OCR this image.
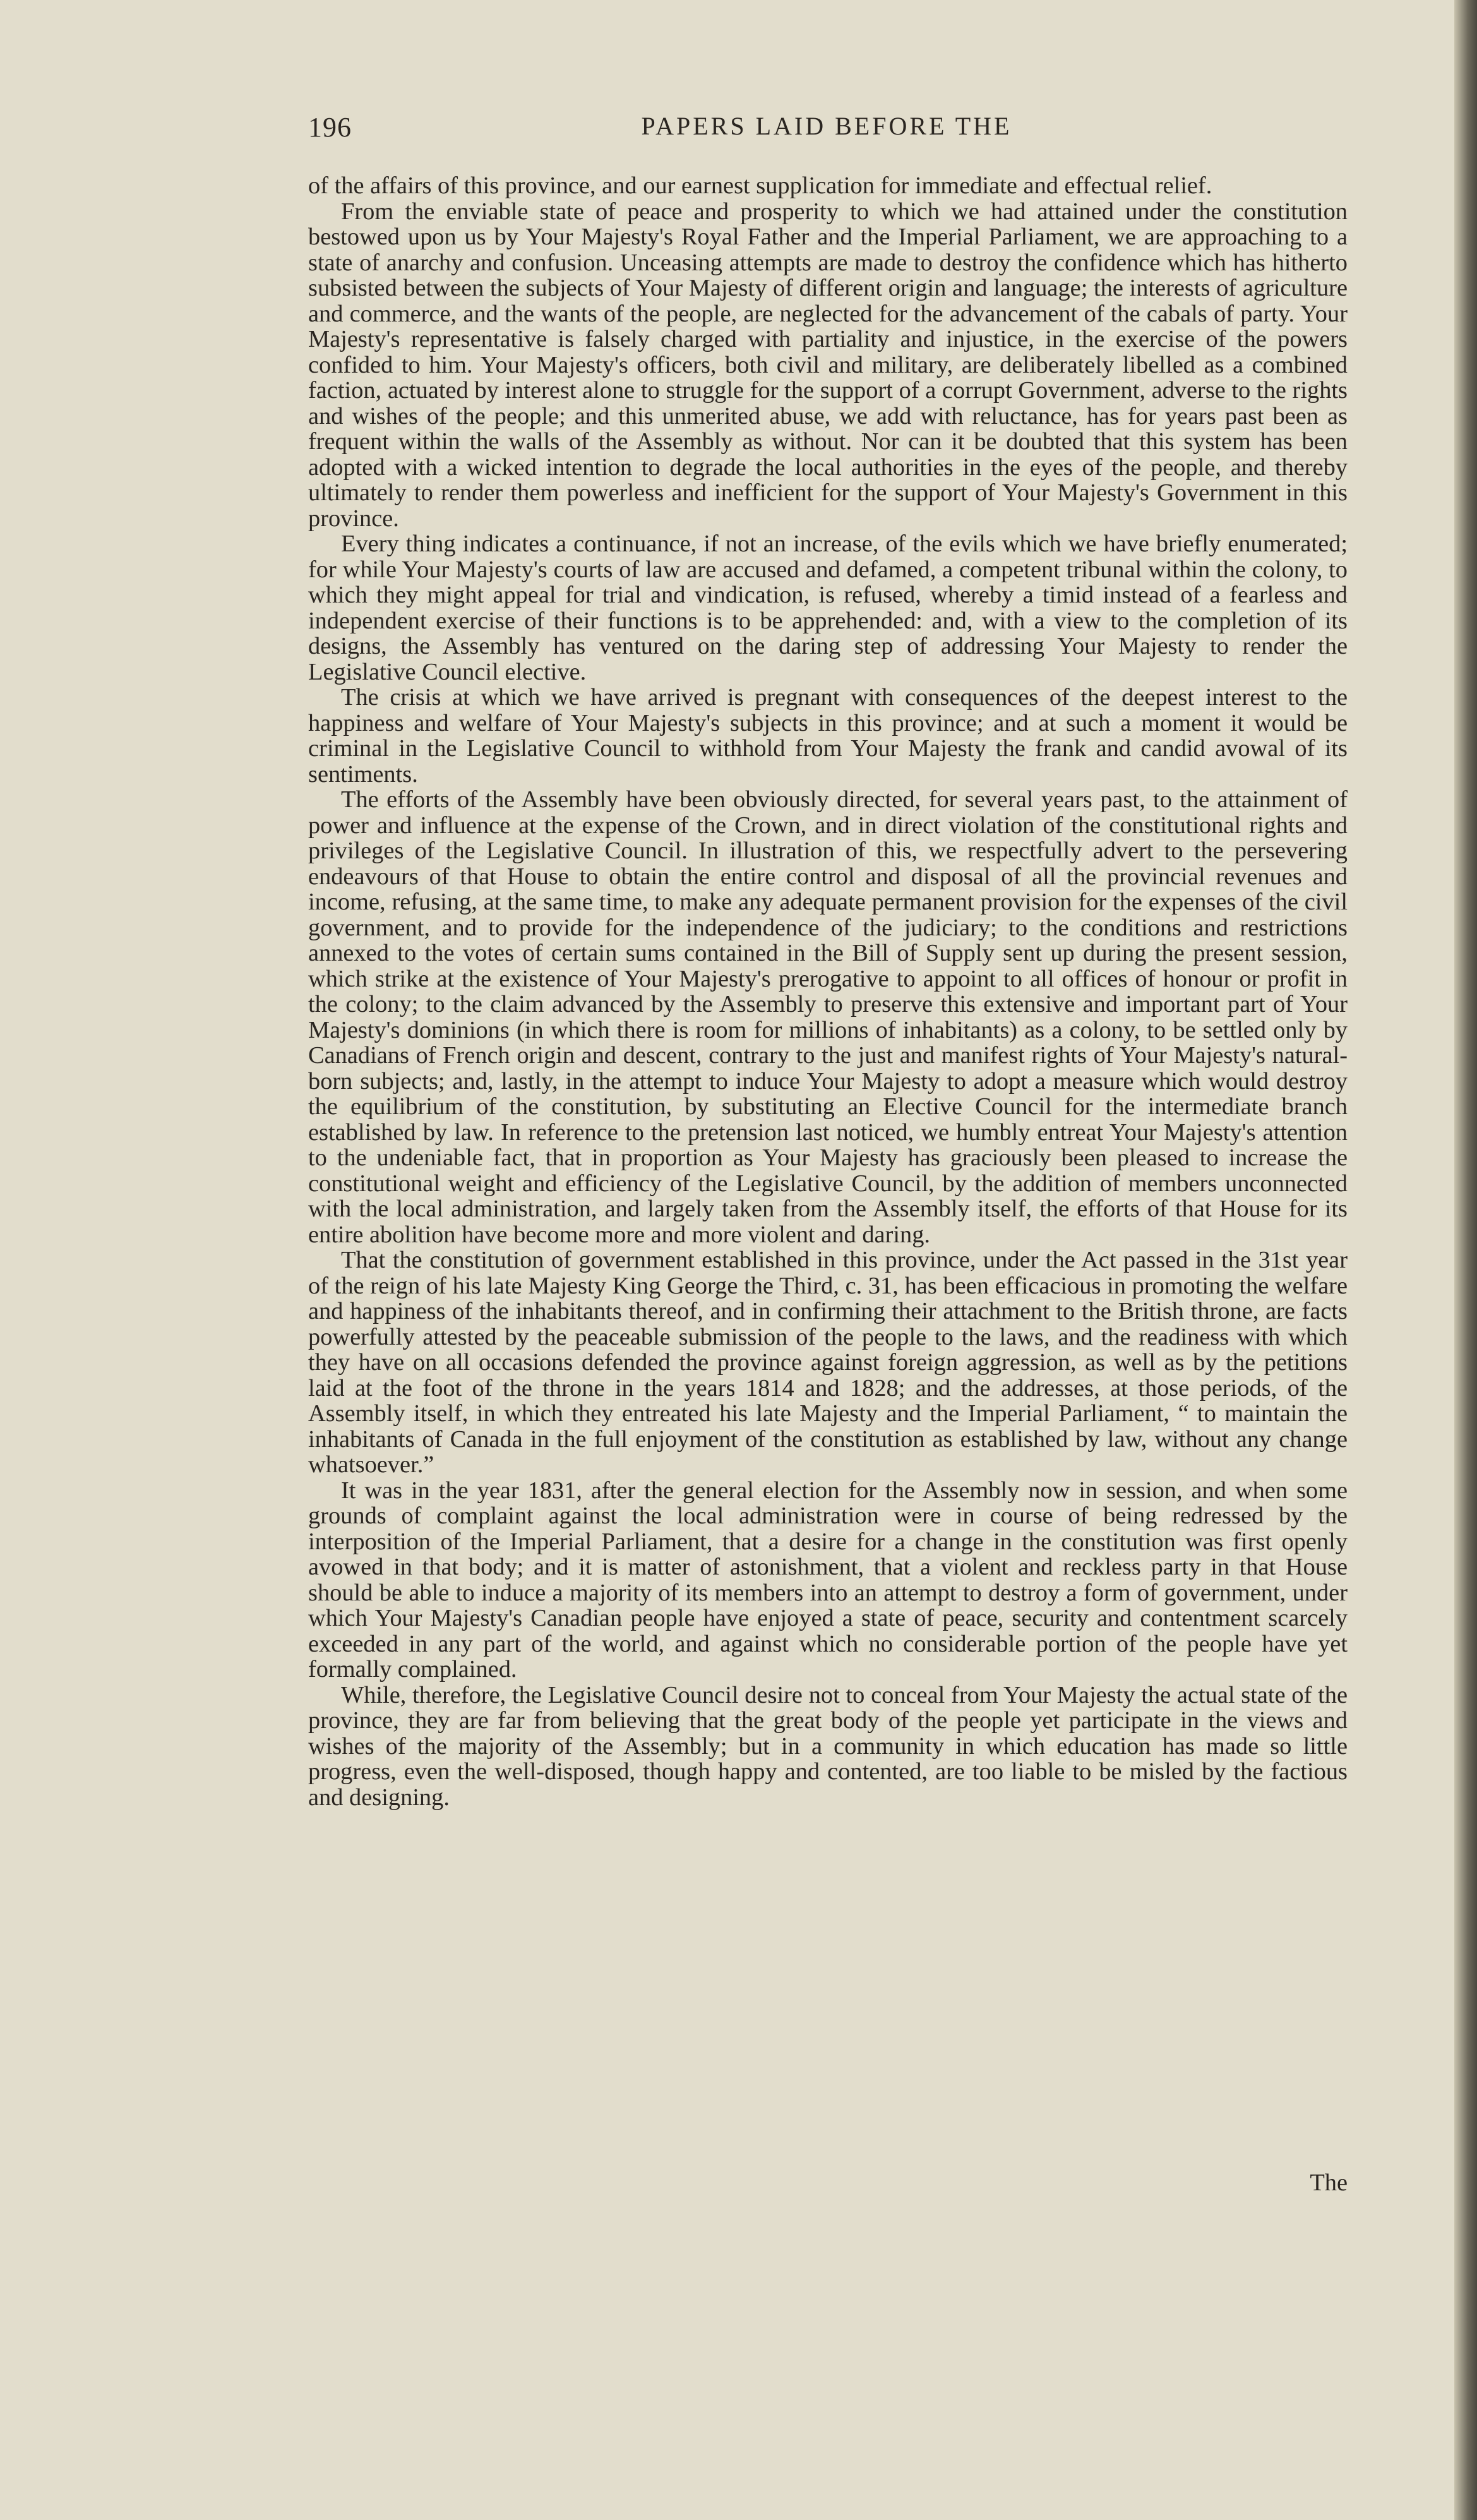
196	PAPERS LAID BEFORE THE

of the affairs of this province, and our earnest supplication for immediate and effectual relief.

From the enviable state of peace and prosperity to which we had attained under the constitution bestowed upon us by Your Majesty's Royal Father and the Imperial Parliament, we are approaching to a state of anarchy and confusion. Unceasing attempts are made to destroy the confidence which has hitherto subsisted between the subjects of Your Majesty of different origin and language; the interests of agriculture and commerce, and the wants of the people, are neglected for the advancement of the cabals of party. Your Majesty's representative is falsely charged with partiality and injustice, in the exercise of the powers confided to him. Your Majesty's officers, both civil and military, are deliberately libelled as a combined faction, actuated by interest alone to struggle for the support of a corrupt Government, adverse to the rights and wishes of the people; and this unmerited abuse, we add with reluctance, has for years past been as frequent within the walls of the Assembly as without. Nor can it be doubted that this system has been adopted with a wicked intention to degrade the local authorities in the eyes of the people, and thereby ultimately to render them powerless and inefficient for the support of Your Majesty's Government in this province.

Every thing indicates a continuance, if not an increase, of the evils which we have briefly enumerated; for while Your Majesty's courts of law are accused and defamed, a competent tribunal within the colony, to which they might appeal for trial and vindication, is refused, whereby a timid instead of a fearless and independent exercise of their functions is to be apprehended: and, with a view to the completion of its designs, the Assembly has ventured on the daring step of addressing Your Majesty to render the Legislative Council elective.

The crisis at which we have arrived is pregnant with consequences of the deepest interest to the happiness and welfare of Your Majesty's subjects in this province; and at such a moment it would be criminal in the Legislative Council to withhold from Your Majesty the frank and candid avowal of its sentiments.

The efforts of the Assembly have been obviously directed, for several years past, to the attainment of power and influence at the expense of the Crown, and in direct violation of the constitutional rights and privileges of the Legislative Council. In illustration of this, we respectfully advert to the persevering endeavours of that House to obtain the entire control and disposal of all the provincial revenues and income, refusing, at the same time, to make any adequate permanent provision for the expenses of the civil government, and to provide for the independence of the judiciary; to the conditions and restrictions annexed to the votes of certain sums contained in the Bill of Supply sent up during the present session, which strike at the existence of Your Majesty's prerogative to appoint to all offices of honour or profit in the colony; to the claim advanced by the Assembly to preserve this extensive and important part of Your Majesty's dominions (in which there is room for millions of inhabitants) as a colony, to be settled only by Canadians of French origin and descent, contrary to the just and manifest rights of Your Majesty's natural-born subjects; and, lastly, in the attempt to induce Your Majesty to adopt a measure which would destroy the equilibrium of the constitution, by substituting an Elective Council for the intermediate branch established by law. In reference to the pretension last noticed, we humbly entreat Your Majesty's attention to the undeniable fact, that in proportion as Your Majesty has graciously been pleased to increase the constitutional weight and efficiency of the Legislative Council, by the addition of members unconnected with the local administration, and largely taken from the Assembly itself, the efforts of that House for its entire abolition have become more and more violent and daring.

That the constitution of government established in this province, under the Act passed in the 31st year of the reign of his late Majesty King George the Third, c. 31, has been efficacious in promoting the welfare and happiness of the inhabitants thereof, and in confirming their attachment to the British throne, are facts powerfully attested by the peaceable submission of the people to the laws, and the readiness with which they have on all occasions defended the province against foreign aggression, as well as by the petitions laid at the foot of the throne in the years 1814 and 1828; and the addresses, at those periods, of the Assembly itself, in which they entreated his late Majesty and the Imperial Parliament, “ to maintain the inhabitants of Canada in the full enjoyment of the constitution as established by law, without any change whatsoever.”

It was in the year 1831, after the general election for the Assembly now in session, and when some grounds of complaint against the local administration were in course of being redressed by the interposition of the Imperial Parliament, that a desire for a change in the constitution was first openly avowed in that body; and it is matter of astonishment, that a violent and reckless party in that House should be able to induce a majority of its members into an attempt to destroy a form of government, under which Your Majesty's Canadian people have enjoyed a state of peace, security and contentment scarcely exceeded in any part of the world, and against which no considerable portion of the people have yet formally complained.

While, therefore, the Legislative Council desire not to conceal from Your Majesty the actual state of the province, they are far from believing that the great body of the people yet participate in the views and wishes of the majority of the Assembly; but in a community in which education has made so little progress, even the well-disposed, though happy and contented, are too liable to be misled by the factious and designing.

The
